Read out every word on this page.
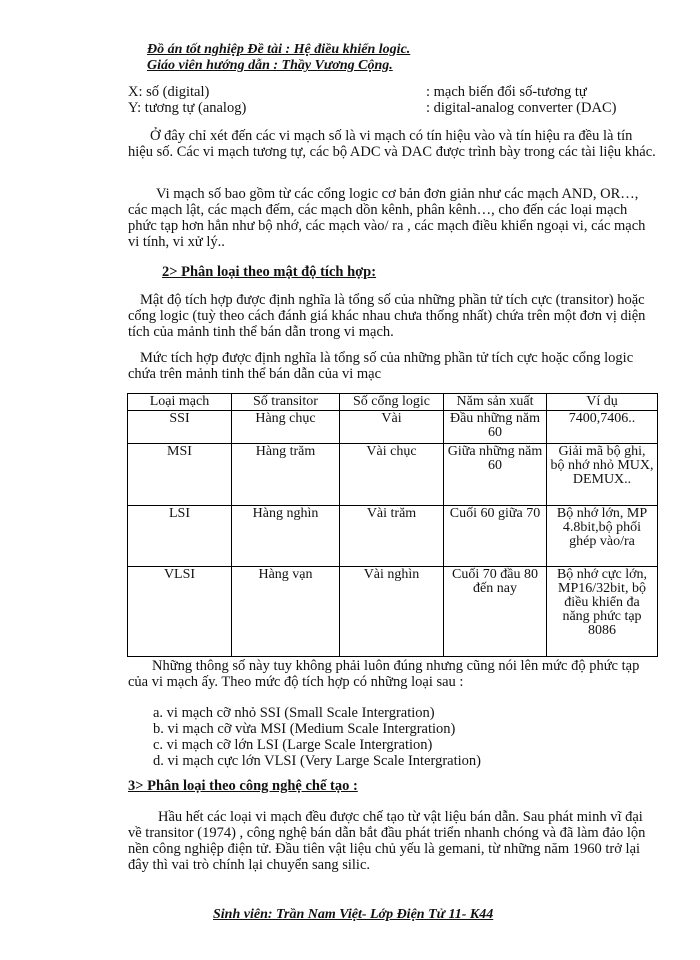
Đồ án tốt nghiệp Đề tài : Hệ điều khiển logic.
Giáo viên hướng dẫn : Thầy Vương Cộng.
X: số (digital)	: mạch biến đổi số-tương tự
Y: tương tự (analog)	: digital-analog converter (DAC)
Ở đây chỉ xét đến các vi mạch số là vi mạch có tín hiệu vào và tín hiệu ra đều là tín hiệu số. Các vi mạch tương tự, các bộ ADC và DAC được trình bày trong các tài liệu khác.
Vi mạch số bao gồm từ các cổng logic cơ bản đơn giản như các mạch AND, OR…, các mạch lật, các mạch đếm, các mạch dồn kênh, phân kênh…, cho đến các loại mạch phức tạp hơn hẳn như bộ nhớ, các mạch vào/ ra , các mạch điều khiển ngoại vi, các mạch vi tính, vi xử lý..
2> Phân loại theo mật độ tích hợp:
Mật độ tích hợp được định nghĩa là tổng số của những phần tử tích cực (transitor) hoặc cổng logic (tuỳ theo cách đánh giá khác nhau chưa thống nhất) chứa trên một đơn vị diện tích của mảnh tinh thể bán dẫn trong vi mạch.
Mức tích hợp được định nghĩa là tổng số của những phần tử tích cực hoặc cổng logic chứa trên mảnh tinh thể bán dẫn của vi mạc
Loại mạch	Số transitor	Số cổng logic	Năm sản xuất	Ví dụ
SSI	Hàng chục	Vài	Đầu những năm 60	7400,7406..
MSI	Hàng trăm	Vài chục	Giữa những năm 60	Giải mã bộ ghi, bộ nhớ nhỏ MUX, DEMUX..
LSI	Hàng nghìn	Vài trăm	Cuối 60 giữa 70	Bộ nhớ lớn, MP 4.8bit,bộ phối ghép vào/ra
VLSI	Hàng vạn	Vài nghìn	Cuối 70 đầu 80 đến nay	Bộ nhớ cực lớn, MP16/32bit, bộ điều khiển đa năng phức tạp 8086
Những thông số này tuy không phải luôn đúng nhưng cũng nói lên mức độ phức tạp của vi mạch ấy. Theo mức độ tích hợp có những loại sau :
a. vi mạch cỡ nhỏ SSI (Small Scale Intergration)
b. vi mạch cỡ vừa MSI (Medium Scale Intergration)
c. vi mạch cỡ lớn LSI (Large Scale Intergration)
d. vi mạch cực lớn VLSI (Very Large Scale Intergration)
3> Phân loại theo công nghệ chế tạo :
Hầu hết các loại vi mạch đều được chế tạo từ vật liệu bán dẫn. Sau phát minh vĩ đại về transitor (1974) , công nghệ bán dẫn bắt đầu phát triển nhanh chóng và đã làm đảo lộn nền công nghiệp điện tử. Đầu tiên vật liệu chủ yếu là gemani, từ những năm 1960 trở lại đây thì vai trò chính lại chuyển sang silic.
Sinh viên: Trần Nam Việt- Lớp Điện Tử 11- K44
